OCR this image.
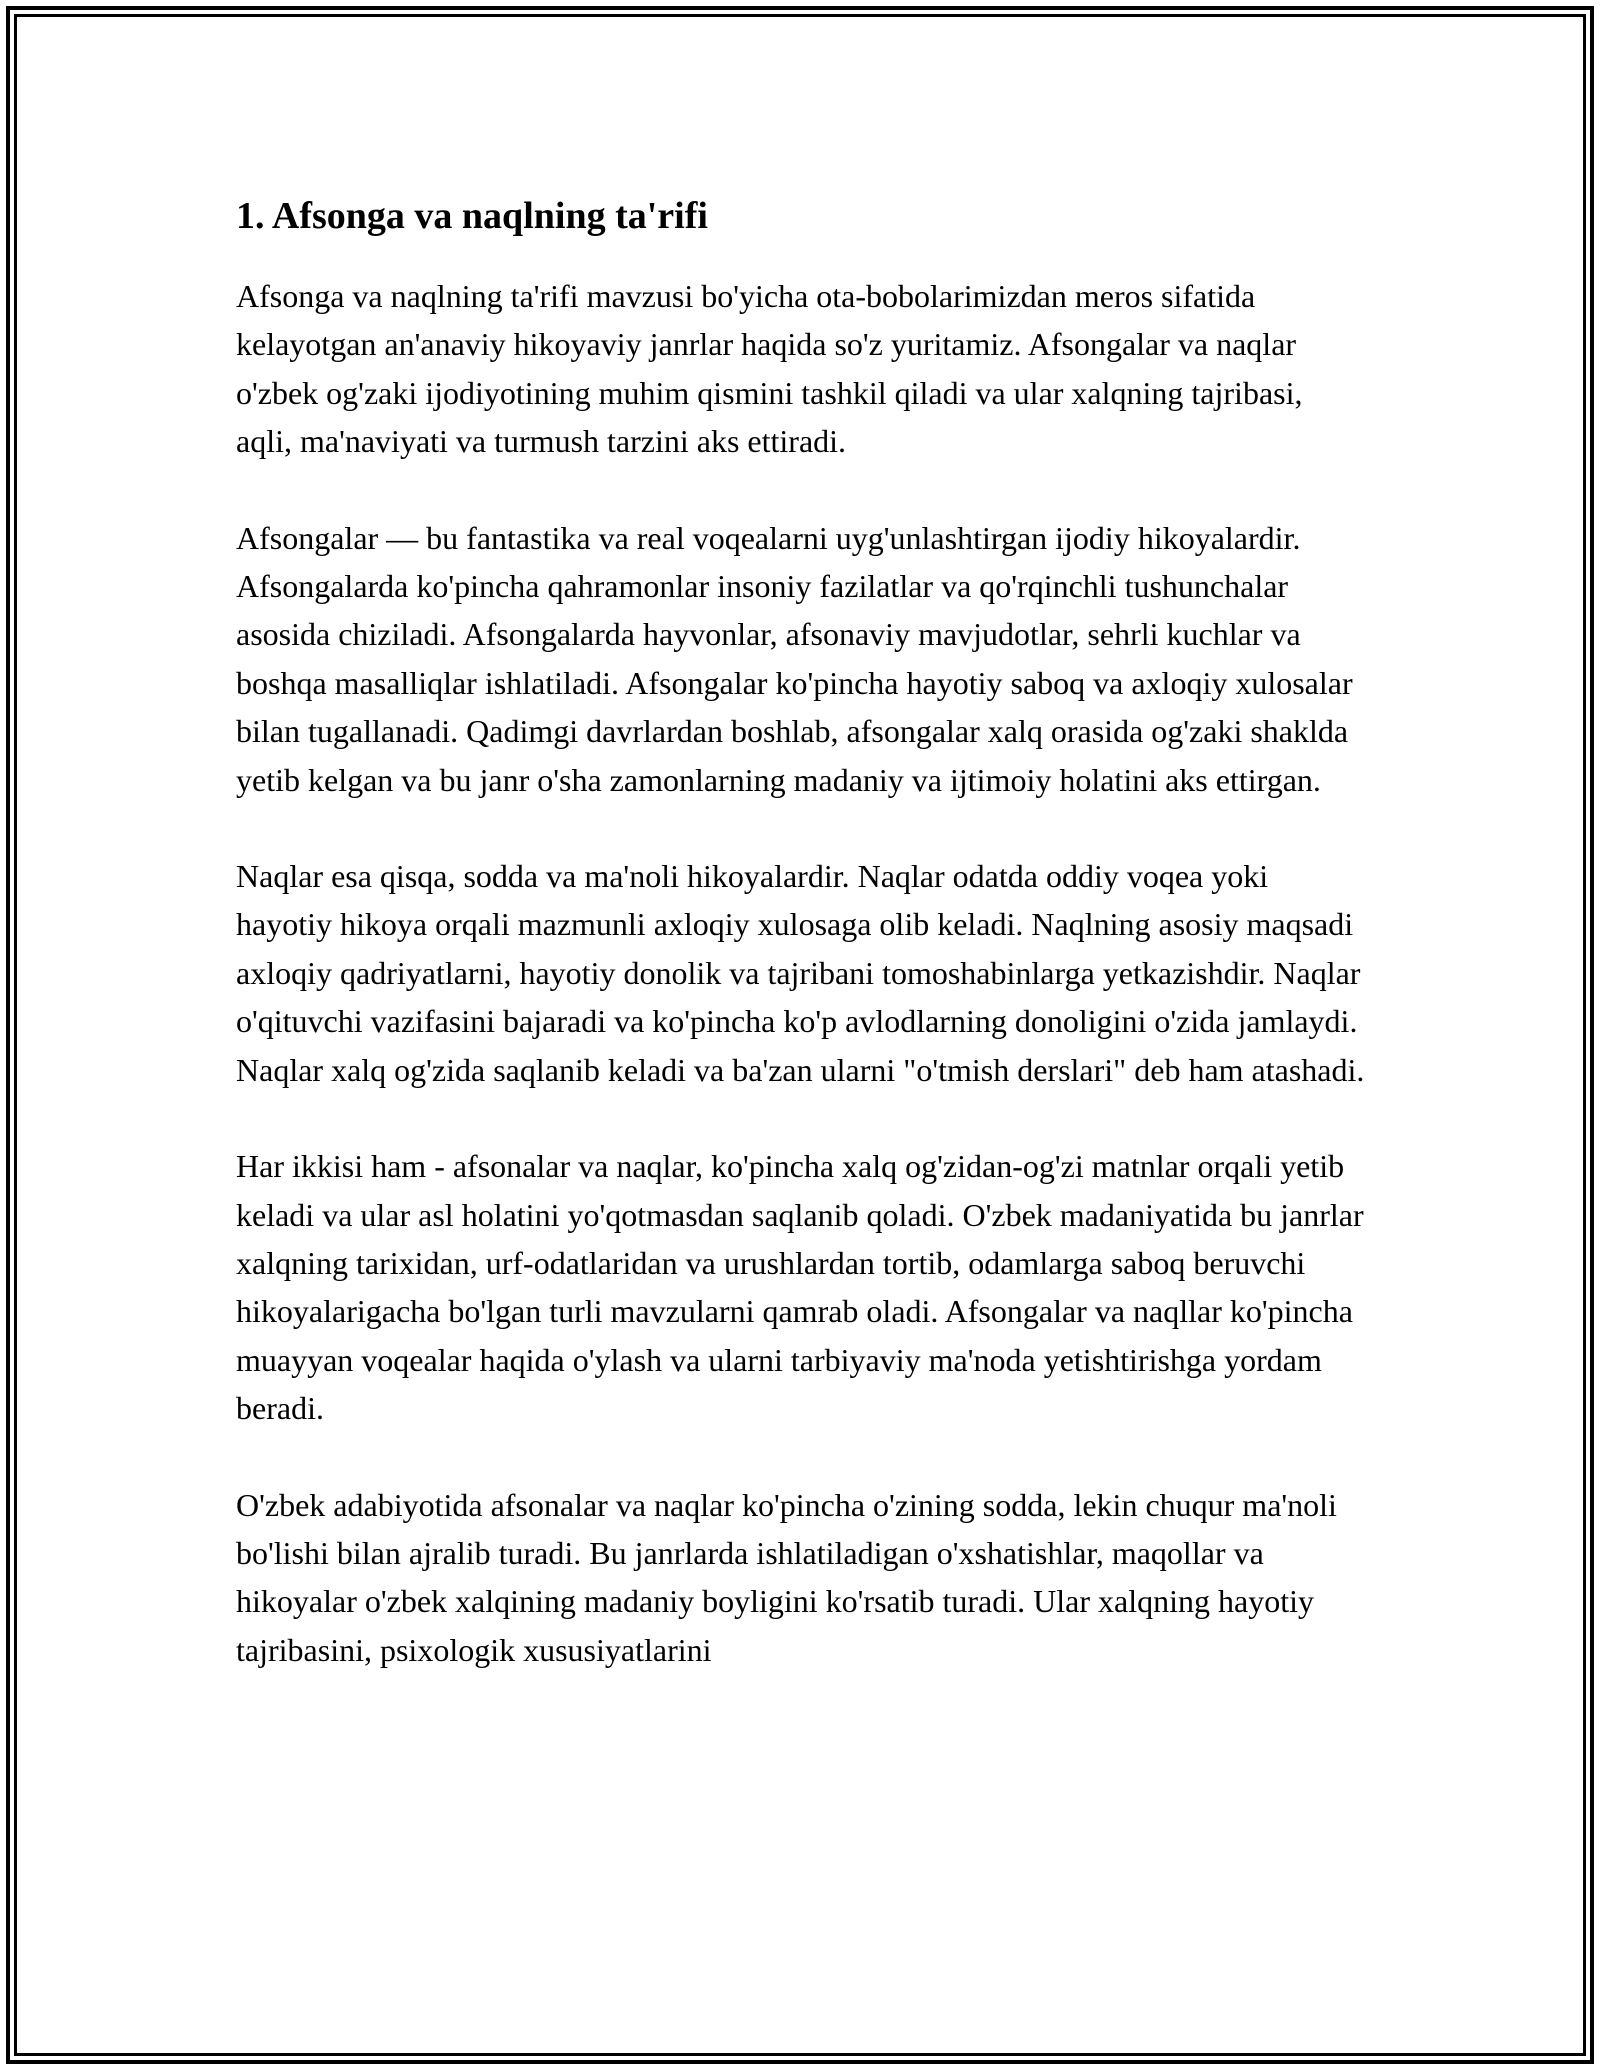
1. Afsonga va naqlning ta'rifi

Afsonga va naqlning ta'rifi mavzusi bo'yicha ota-bobolarimizdan meros sifatida kelayotgan an'anaviy hikoyaviy janrlar haqida so'z yuritamiz. Afsongalar va naqlar o'zbek og'zaki ijodiyotining muhim qismini tashkil qiladi va ular xalqning tajribasi, aqli, ma'naviyati va turmush tarzini aks ettiradi.

Afsongalar — bu fantastika va real voqealarni uyg'unlashtirgan ijodiy hikoyalardir. Afsongalarda ko'pincha qahramonlar insoniy fazilatlar va qo'rqinchli tushunchalar asosida chiziladi. Afsongalarda hayvonlar, afsonaviy mavjudotlar, sehrli kuchlar va boshqa masalliqlar ishlatiladi. Afsongalar ko'pincha hayotiy saboq va axloqiy xulosalar bilan tugallanadi. Qadimgi davrlardan boshlab, afsongalar xalq orasida og'zaki shaklda yetib kelgan va bu janr o'sha zamonlarning madaniy va ijtimoiy holatini aks ettirgan.

Naqlar esa qisqa, sodda va ma'noli hikoyalardir. Naqlar odatda oddiy voqea yoki hayotiy hikoya orqali mazmunli axloqiy xulosaga olib keladi. Naqlning asosiy maqsadi axloqiy qadriyatlarni, hayotiy donolik va tajribani tomoshabinlarga yetkazishdir. Naqlar o'qituvchi vazifasini bajaradi va ko'pincha ko'p avlodlarning donoligini o'zida jamlaydi. Naqlar xalq og'zida saqlanib keladi va ba'zan ularni "o'tmish derslari" deb ham atashadi.

Har ikkisi ham - afsonalar va naqlar, ko'pincha xalq og'zidan-og'zi matnlar orqali yetib keladi va ular asl holatini yo'qotmasdan saqlanib qoladi. O'zbek madaniyatida bu janrlar xalqning tarixidan, urf-odatlaridan va urushlardan tortib, odamlarga saboq beruvchi hikoyalarigacha bo'lgan turli mavzularni qamrab oladi. Afsongalar va naqllar ko'pincha muayyan voqealar haqida o'ylash va ularni tarbiyaviy ma'noda yetishtirishga yordam beradi.

O'zbek adabiyotida afsonalar va naqlar ko'pincha o'zining sodda, lekin chuqur ma'noli bo'lishi bilan ajralib turadi. Bu janrlarda ishlatiladigan o'xshatishlar, maqollar va hikoyalar o'zbek xalqining madaniy boyligini ko'rsatib turadi. Ular xalqning hayotiy tajribasini, psixologik xususiyatlarini
